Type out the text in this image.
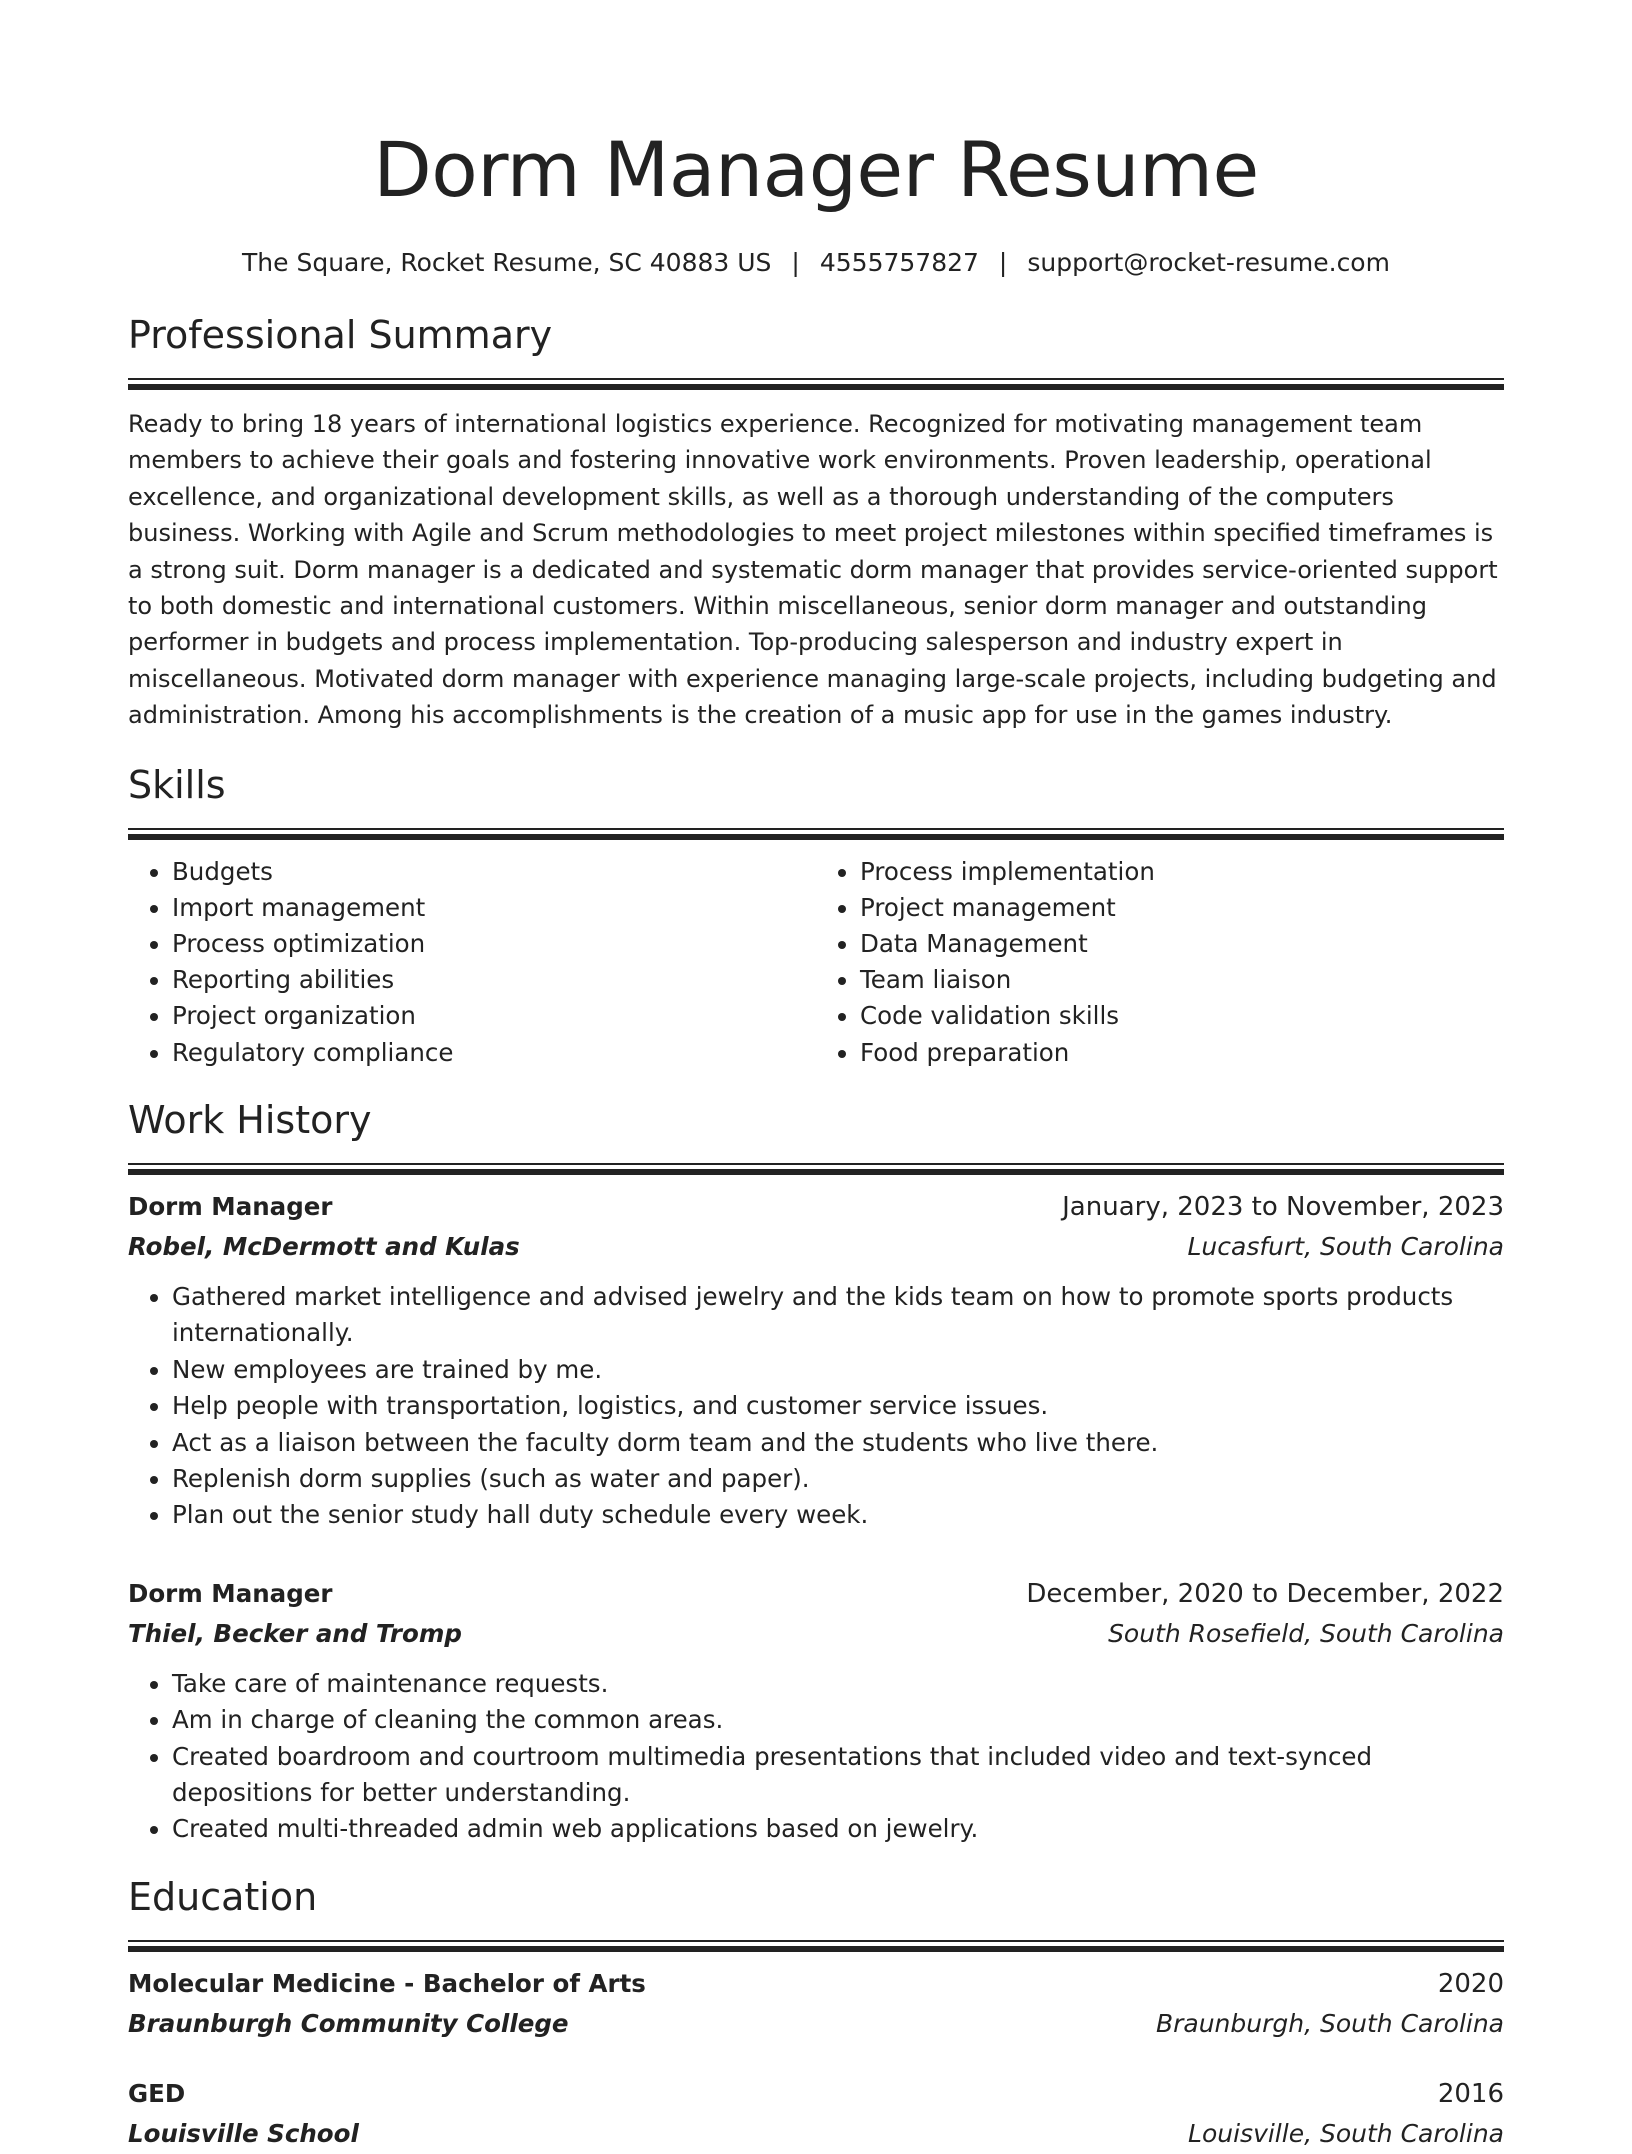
Dorm Manager Resume
The Square, Rocket Resume, SC 40883 US | 4555757827 | support@rocket-resume.com
Professional Summary

Ready to bring 18 years of international logistics experience. Recognized for motivating management team members to achieve their goals and fostering innovative work environments. Proven leadership, operational excellence, and organizational development skills, as well as a thorough understanding of the computers business. Working with Agile and Scrum methodologies to meet project milestones within specified timeframes is a strong suit. Dorm manager is a dedicated and systematic dorm manager that provides service-oriented support to both domestic and international customers. Within miscellaneous, senior dorm manager and outstanding performer in budgets and process implementation. Top-producing salesperson and industry expert in miscellaneous. Motivated dorm manager with experience managing large-scale projects, including budgeting and administration. Among his accomplishments is the creation of a music app for use in the games industry.

Skills
• Budgets
• Import management
• Process optimization
• Reporting abilities
• Project organization
• Regulatory compliance
• Process implementation
• Project management
• Data Management
• Team liaison
• Code validation skills
• Food preparation
Work History
Dorm Manager	January, 2023 to November, 2023
Robel, McDermott and Kulas	Lucasfurt, South Carolina
• Gathered market intelligence and advised jewelry and the kids team on how to promote sports products internationally.
• New employees are trained by me.
• Help people with transportation, logistics, and customer service issues.
• Act as a liaison between the faculty dorm team and the students who live there.
• Replenish dorm supplies (such as water and paper).
• Plan out the senior study hall duty schedule every week.
Dorm Manager	December, 2020 to December, 2022
Thiel, Becker and Tromp	South Rosefield, South Carolina
• Take care of maintenance requests.
• Am in charge of cleaning the common areas.
• Created boardroom and courtroom multimedia presentations that included video and text-synced depositions for better understanding.
• Created multi-threaded admin web applications based on jewelry.
Education
Molecular Medicine - Bachelor of Arts	2020
Braunburgh Community College	Braunburgh, South Carolina
GED	2016
Louisville School	Louisville, South Carolina
